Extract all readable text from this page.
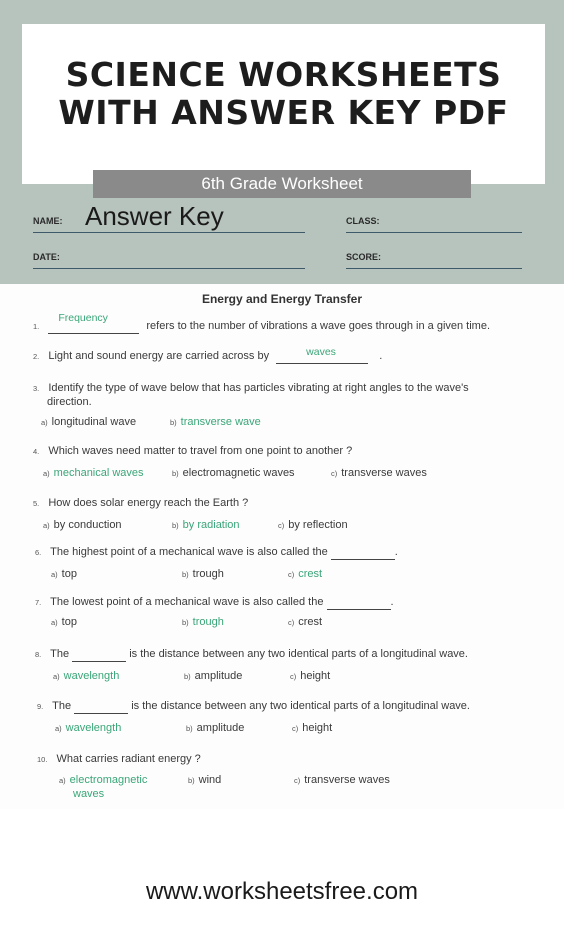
SCIENCE WORKSHEETS
WITH ANSWER KEY PDF
6th Grade Worksheet
NAME: Answer Key	CLASS:
DATE:	SCORE:
Energy and Energy Transfer
1.
Frequency
refers to the number of vibrations a wave goes through in a given time.
2. Light and sound energy are carried across by	waves	.
3. Identify the type of wave below that has particles vibrating at right angles to the wave's
direction.
a) longitudinal wave	b) transverse wave
4. Which waves need matter to travel from one point to another ?
a) mechanical waves	b) electromagnetic waves	c) transverse waves
5. How does solar energy reach the Earth ?
a) by conduction	b) by radiation	c) by reflection
6. The highest point of a mechanical wave is also called the	.
a) top	b) trough	c) crest
7. The lowest point of a mechanical wave is also called the	.
a) top	b) trough	c) crest
8. The	is the distance between any two identical parts of a longitudinal wave.
a) wavelength	b) amplitude	c) height
9. The	is the distance between any two identical parts of a longitudinal wave.
a) wavelength	b) amplitude	c) height
10. What carries radiant energy ?
a) electromagnetic
waves
b) wind	c) transverse waves
www.worksheetsfree.com
